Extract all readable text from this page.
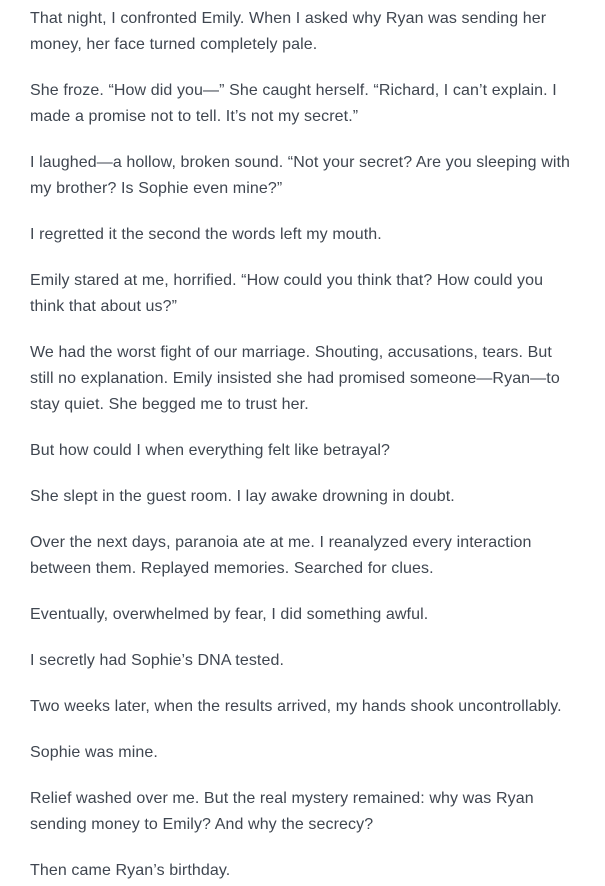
That night, I confronted Emily. When I asked why Ryan was sending her money, her face turned completely pale.

She froze. “How did you—” She caught herself. “Richard, I can’t explain. I made a promise not to tell. It’s not my secret.”

I laughed—a hollow, broken sound. “Not your secret? Are you sleeping with my brother? Is Sophie even mine?”

I regretted it the second the words left my mouth.

Emily stared at me, horrified. “How could you think that? How could you think that about us?”

We had the worst fight of our marriage. Shouting, accusations, tears. But still no explanation. Emily insisted she had promised someone—Ryan—to stay quiet. She begged me to trust her.

But how could I when everything felt like betrayal?

She slept in the guest room. I lay awake drowning in doubt.

Over the next days, paranoia ate at me. I reanalyzed every interaction between them. Replayed memories. Searched for clues.

Eventually, overwhelmed by fear, I did something awful.

I secretly had Sophie’s DNA tested.

Two weeks later, when the results arrived, my hands shook uncontrollably.

Sophie was mine.

Relief washed over me. But the real mystery remained: why was Ryan sending money to Emily? And why the secrecy?

Then came Ryan’s birthday.
